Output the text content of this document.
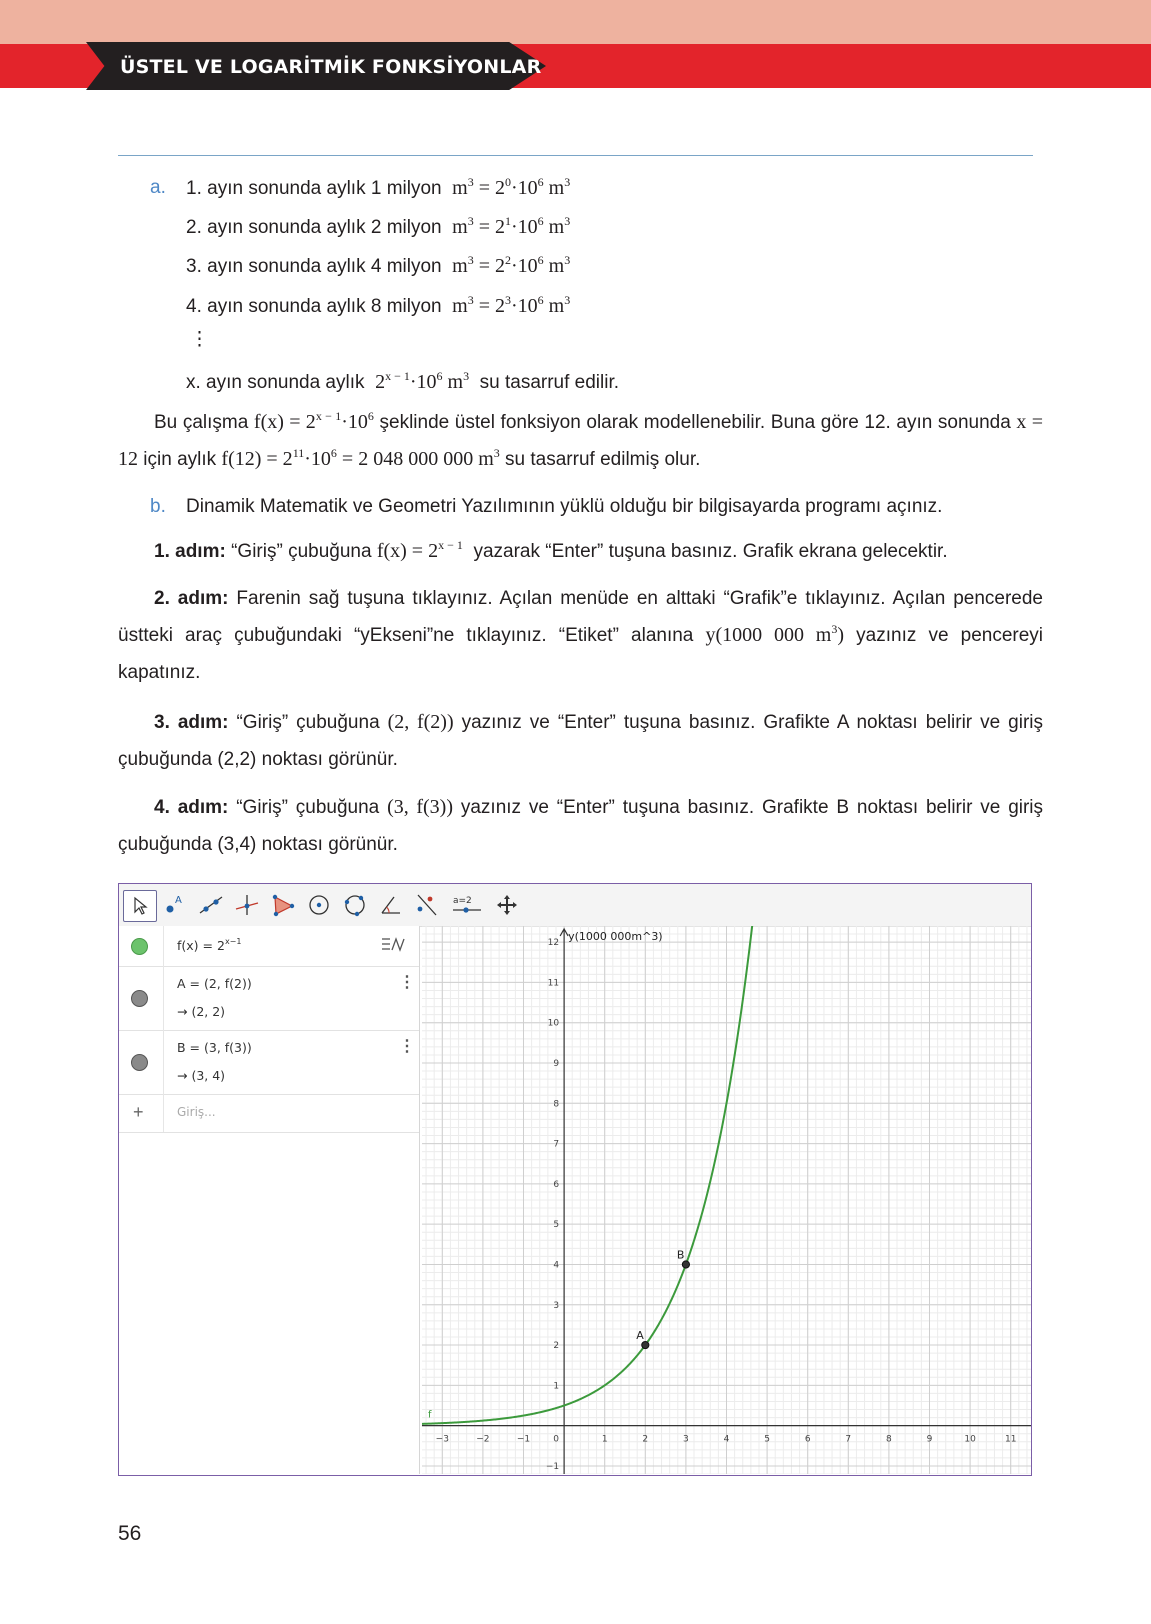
ÜSTEL VE LOGARİTMİK FONKSİYONLAR
a. 1. ayın sonunda aylık 1 milyon $m^3 = 2^0\cdot 10^6$ $m^3$
2. ayın sonunda aylık 2 milyon $m^3 = 2^1\cdot 10^6$ $m^3$
3. ayın sonunda aylık 4 milyon $m^3 = 2^2\cdot 10^6$ $m^3$
4. ayın sonunda aylık 8 milyon $m^3 = 2^3\cdot 10^6$ $m^3$
⋮
x. ayın sonunda aylık $2^{x - 1}\cdot 10^6$ $m^3$ su tasarruf edilir.
Bu çalışma $f(x) = 2^{x - 1}\cdot 10^6$ şeklinde üstel fonksiyon olarak modellenebilir. Buna göre 12. ayın sonunda x = 12 için aylık $f(12) = 2^{11}\cdot 10^6 = 2$ 048 000 000 $m^3$ su tasarruf edilmiş olur.
b. Dinamik Matematik ve Geometri Yazılımının yüklü olduğu bir bilgisayarda programı açınız.
1. adım: “Giriş” çubuğuna $f(x) = 2^{x - 1}$ yazarak “Enter” tuşuna basınız. Grafik ekrana gelecektir.
2. adım: Farenin sağ tuşuna tıklayınız. Açılan menüde en alttaki “Grafik”e tıklayınız. Açılan pencerede üstteki araç çubuğundaki “yEkseni”ne tıklayınız. “Etiket” alanına y(1000 000 $m^3$) yazınız ve pencereyi kapatınız.
3. adım: “Giriş” çubuğuna (2, f(2)) yazınız ve “Enter” tuşuna basınız. Grafikte A noktası belirir ve giriş çubuğunda (2,2) noktası görünür.
4. adım: “Giriş” çubuğuna (3, f(3)) yazınız ve “Enter” tuşuna basınız. Grafikte B noktası belirir ve giriş çubuğunda (3,4) noktası görünür.
A	a=2
$f(x) = 2^{x-1}$
A = (2, f(2))
→ (2, 2)
⋮
B = (3, f(3))
→ (3, 4)
⋮
+	Giriş...
−3	−2	−1	0	1	2	3	4	5	6	7	8	9	10	11
−1
1
2
3
4
5
6
7
8
9
10
11
12
y(1000 000m^3)
f
A
B
56
